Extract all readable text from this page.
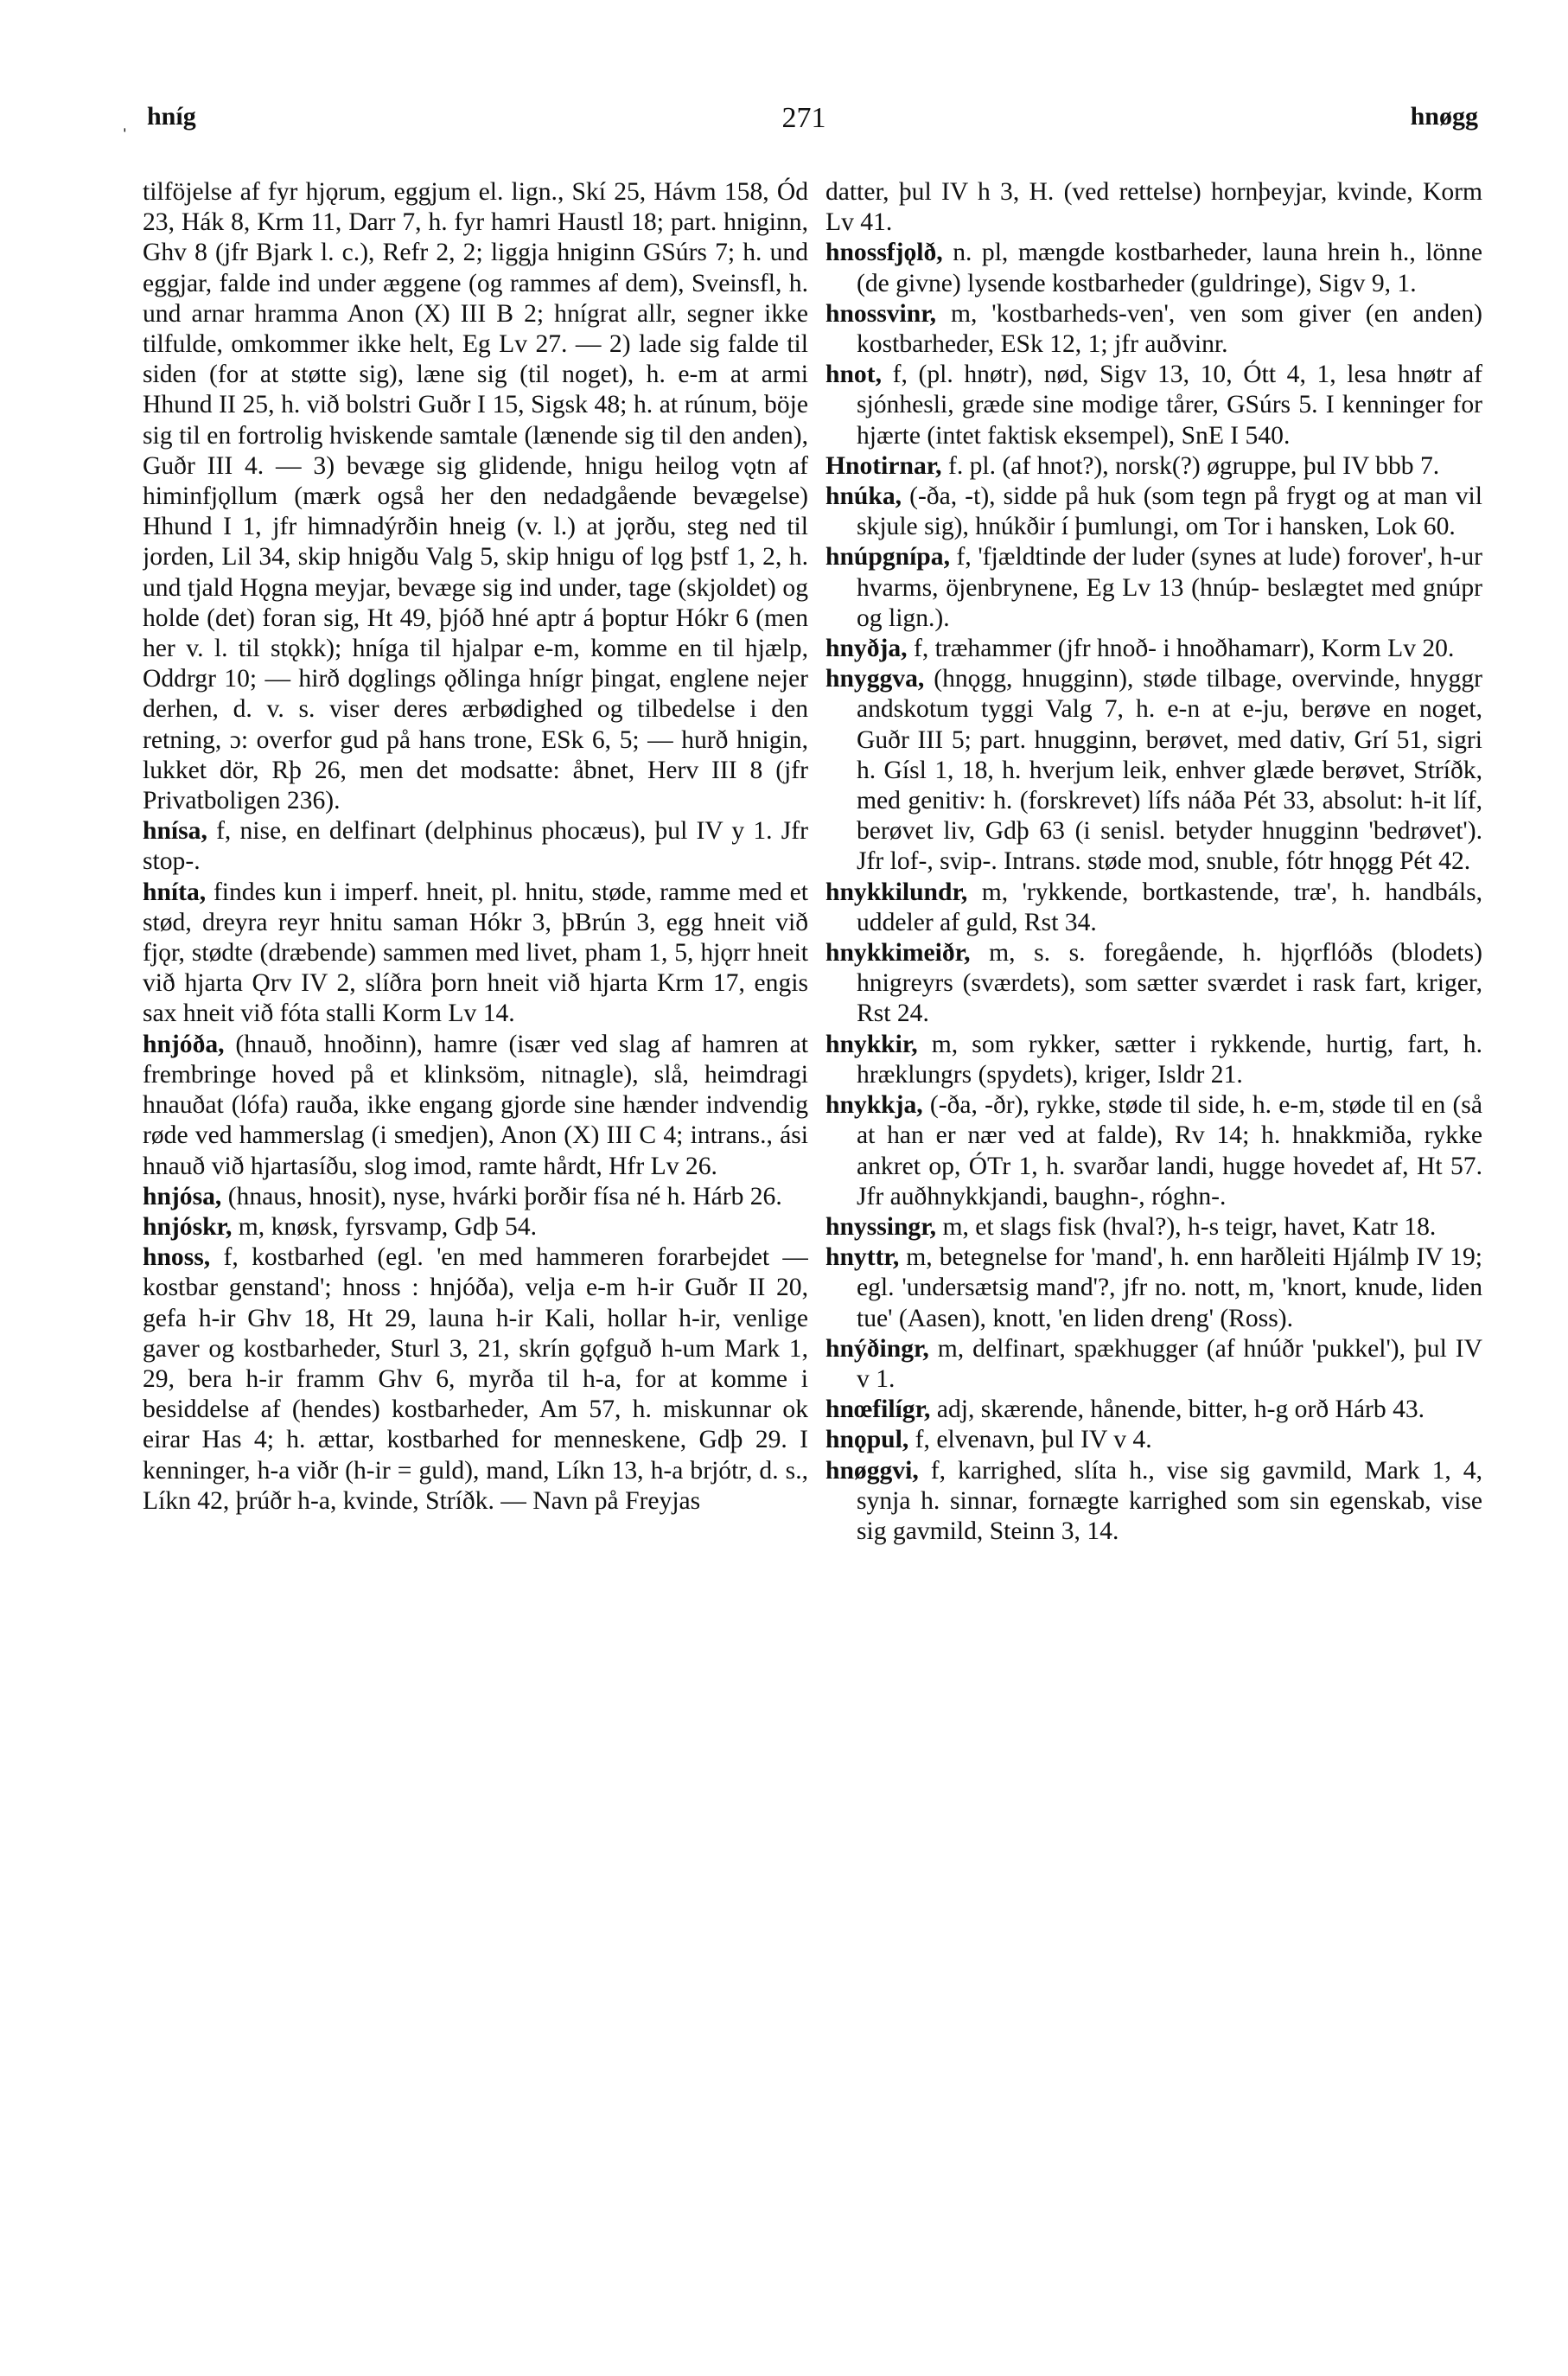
ˌ hníg	271	hnøgg

tilföjelse af fyr hjǫrum, eggjum el. lign., Skí 25, Hávm 158, Ód 23, Hák 8, Krm 11, Darr 7, h. fyr hamri Haustl 18; part. hniginn, Ghv 8 (jfr Bjark l. c.), Refr 2, 2; liggja hniginn GSúrs 7; h. und eggjar, falde ind under æggene (og rammes af dem), Sveinsfl, h. und arnar hramma Anon (X) III B 2; hnígrat allr, segner ikke tilfulde, omkommer ikke helt, Eg Lv 27. — 2) lade sig falde til siden (for at støtte sig), læne sig (til noget), h. e-m at armi Hhund II 25, h. við bolstri Guðr I 15, Sigsk 48; h. at rúnum, böje sig til en fortrolig hviskende samtale (lænende sig til den anden), Guðr III 4. — 3) bevæge sig glidende, hnigu heilog vǫtn af himinfjǫllum (mærk også her den nedadgående bevægelse) Hhund I 1, jfr himnadýrðin hneig (v. l.) at jǫrðu, steg ned til jorden, Lil 34, skip hnigðu Valg 5, skip hnigu of lǫg þstf 1, 2, h. und tjald Hǫgna meyjar, bevæge sig ind under, tage (skjoldet) og holde (det) foran sig, Ht 49, þjóð hné aptr á þoptur Hókr 6 (men her v. l. til stǫkk); hníga til hjalpar e-m, komme en til hjælp, Oddrgr 10; — hirð dǫglings ǫðlinga hnígr þingat, englene nejer derhen, d. v. s. viser deres ærbødighed og tilbedelse i den retning, ɔ: overfor gud på hans trone, ESk 6, 5; — hurð hnigin, lukket dör, Rþ 26, men det modsatte: åbnet, Herv III 8 (jfr Privatboligen 236).

hnísa, f, nise, en delfinart (delphinus phocæus), þul IV y 1. Jfr stop-.

hníta, findes kun i imperf. hneit, pl. hnitu, støde, ramme med et stød, dreyra reyr hnitu saman Hókr 3, þBrún 3, egg hneit við fjǫr, stødte (dræbende) sammen med livet, pham 1, 5, hjǫrr hneit við hjarta Ǫrv IV 2, slíðra þorn hneit við hjarta Krm 17, engis sax hneit við fóta stalli Korm Lv 14.

hnjóða, (hnauð, hnoðinn), hamre (især ved slag af hamren at frembringe hoved på et klinksöm, nitnagle), slå, heimdragi hnauðat (lófa) rauða, ikke engang gjorde sine hænder indvendig røde ved hammerslag (i smedjen), Anon (X) III C 4; intrans., ási hnauð við hjartasíðu, slog imod, ramte hårdt, Hfr Lv 26.

hnjósa, (hnaus, hnosit), nyse, hvárki þorðir físa né h. Hárb 26.

hnjóskr, m, knøsk, fyrsvamp, Gdþ 54.

hnoss, f, kostbarhed (egl. 'en med hammeren forarbejdet — kostbar genstand'; hnoss : hnjóða), velja e-m h-ir Guðr II 20, gefa h-ir Ghv 18, Ht 29, launa h-ir Kali, hollar h-ir, venlige gaver og kostbarheder, Sturl 3, 21, skrín gǫfguð h-um Mark 1, 29, bera h-ir framm Ghv 6, myrða til h-a, for at komme i besiddelse af (hendes) kostbarheder, Am 57, h. miskunnar ok eirar Has 4; h. ættar, kostbarhed for menneskene, Gdþ 29. I kenninger, h-a viðr (h-ir = guld), mand, Líkn 13, h-a brjótr, d. s., Líkn 42, þrúðr h-a, kvinde, Stríðk. — Navn på Freyjas

datter, þul IV h 3, H. (ved rettelse) hornþeyjar, kvinde, Korm Lv 41.

hnossfjǫlð, n. pl, mængde kostbarheder, launa hrein h., lönne (de givne) lysende kostbarheder (guldringe), Sigv 9, 1.

hnossvinr, m, 'kostbarheds-ven', ven som giver (en anden) kostbarheder, ESk 12, 1; jfr auðvinr.

hnot, f, (pl. hnøtr), nød, Sigv 13, 10, Ótt 4, 1, lesa hnøtr af sjónhesli, græde sine modige tårer, GSúrs 5. I kenninger for hjærte (intet faktisk eksempel), SnE I 540.

Hnotirnar, f. pl. (af hnot?), norsk(?) øgruppe, þul IV bbb 7.

hnúka, (-ða, -t), sidde på huk (som tegn på frygt og at man vil skjule sig), hnúkðir í þumlungi, om Tor i hansken, Lok 60.

hnúpgnípa, f, 'fjældtinde der luder (synes at lude) forover', h-ur hvarms, öjenbrynene, Eg Lv 13 (hnúp- beslægtet med gnúpr og lign.).

hnyðja, f, træhammer (jfr hnoð- i hnoðhamarr), Korm Lv 20.

hnyggva, (hnǫgg, hnugginn), støde tilbage, overvinde, hnyggr andskotum tyggi Valg 7, h. e-n at e-ju, berøve en noget, Guðr III 5; part. hnugginn, berøvet, med dativ, Grí 51, sigri h. Gísl 1, 18, h. hverjum leik, enhver glæde berøvet, Stríðk, med genitiv: h. (forskrevet) lífs náða Pét 33, absolut: h-it líf, berøvet liv, Gdþ 63 (i senisl. betyder hnugginn 'bedrøvet'). Jfr lof-, svip-. Intrans. støde mod, snuble, fótr hnǫgg Pét 42.

hnykkilundr, m, 'rykkende, bortkastende, træ', h. handbáls, uddeler af guld, Rst 34.

hnykkimeiðr, m, s. s. foregående, h. hjǫrflóðs (blodets) hnigreyrs (sværdets), som sætter sværdet i rask fart, kriger, Rst 24.

hnykkir, m, som rykker, sætter i rykkende, hurtig, fart, h. hræklungrs (spydets), kriger, Isldr 21.

hnykkja, (-ða, -ðr), rykke, støde til side, h. e-m, støde til en (så at han er nær ved at falde), Rv 14; h. hnakkmiða, rykke ankret op, ÓTr 1, h. svarðar landi, hugge hovedet af, Ht 57. Jfr auðhnykkjandi, baughn-, róghn-.

hnyssingr, m, et slags fisk (hval?), h-s teigr, havet, Katr 18.

hnyttr, m, betegnelse for 'mand', h. enn harðleiti Hjálmþ IV 19; egl. 'undersætsig mand'?, jfr no. nott, m, 'knort, knude, liden tue' (Aasen), knott, 'en liden dreng' (Ross).

hnýðingr, m, delfinart, spækhugger (af hnúðr 'pukkel'), þul IV v 1.

hnœfilígr, adj, skærende, hånende, bitter, h-g orð Hárb 43.

hnǫpul, f, elvenavn, þul IV v 4.

hnøggvi, f, karrighed, slíta h., vise sig gavmild, Mark 1, 4, synja h. sinnar, fornægte karrighed som sin egenskab, vise sig gavmild, Steinn 3, 14.
